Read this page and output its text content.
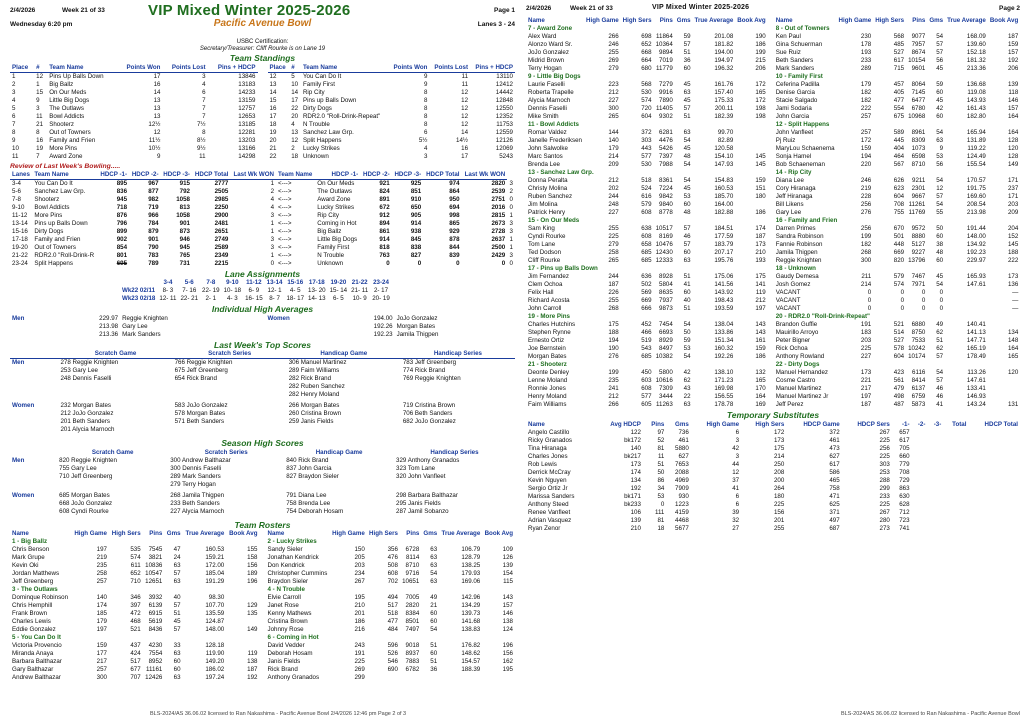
2/4/2026	Week 21 of 33	VIP Mixed Winter 2025-2026	Page 1
Wednesday 6:20 pm	Lanes 3 - 24
Pacific Avenue Bowl
USBC Certification:
Secretary/Treasurer: Cliff Rourke is on Lane 19
Team Standings
Place	#	Team Name	Points Won	Points Lost	Pins + HDCP
1	12	Pins Up Balls Down	17	3	13846
2	1	Big Ballz	16	4	13183
3	15	On Our Meds	14	6	14233
4	9	Little Big Dogs	13	7	13159
5	3	The Outlaws	13	7	12757
6	11	Bowl Addicts	13	7	12653
7	21	Shooterz	12½	7½	13185
8	8	Out of Towners	12	8	12281
9	16	Family and Frien	11½	8½	13203
10	19	More Pins	10½	9½	13166
11	7	Award Zone	9	11	14298
Place	#	Team Name	Points Won	Points Lost	Pins + HDCP
12	5	You Can Do It	9	11	13110
13	10	Family First	9	11	12412
14	14	Rip City	8	12	14442
15	17	Pins up Balls Down	8	12	12848
16	22	Dirty Dogs	8	12	12550
17	20	RDR2.0 "Roll-Drink-Repeat"	8	12	12352
18	4	N Trouble	8	12	11753
19	13	Sanchez Law Grp.	6	14	12559
20	12	Split Happens	5½	14½	12126
21	2	Lucky Strikes	4	16	12069
22	18	Unknown	3	17	5243
Review of Last Week's Bowling.....
Lanes	Team Name	HDCP -1-	HDCP -2-	HDCP -3-	HDCP Total	Last Wk WON	Team Name	HDCP -1-	HDCP -2-	HDCP -3-	HDCP Total	Last Wk WON	
3-4	You Can Do It	895	967	915	2777	1	<--->	On Our Meds	921	925	974	2820	3
5-6	Sanchez Law Grp.	836	877	792	2505	2	<--->	The Outlaws	824	851	864	2539	2
7-8	Shooterz	945	982	1058	2985	4	<--->	Award Zone	891	910	950	2751	0
9-10	Bowl Addicts	718	719	813	2250	4	<--->	Lucky Strikes	672	650	694	2016	0
11-12	More Pins	876	966	1058	2900	3	<--->	Rip City	912	905	998	2815	1
13-14	Pins up Balls Down	796	784	901	2481	1	<--->	Coming in Hot	894	914	865	2673	3
15-16	Dirty Dogs	899	879	873	2651	1	<--->	Big Ballz	861	938	929	2728	3
17-18	Family and Frien	902	901	946	2749	3	<--->	Little Big Dogs	914	845	878	2637	1
19-20	Out of Towners	854	790	945	2589	3	<--->	Family First	818	838	844	2500	1
21-22	RDR2.0 "Roll-Drink-R	801	783	765	2349	1	<--->	N Trouble	763	827	839	2429	3
23-24	Split Happens	695	789	731	2215	0	<--->	Unknown	0	0	0	0	0
Lane Assignments
	3-4	5-6	7-8	9-10	11-12	13-14	15-16	17-18	19-20	21-22	23-24
Wk22 02/11	8- 3	7- 16	22- 19	10- 18	6- 9	12- 1	4- 5	13- 20	15- 14	21- 11	2- 17
Wk23 02/18	12- 11	22- 21	2- 1	4- 3	16- 15	8- 7	18- 17	14- 13	6- 5	10- 9	20- 19
Individual High Averages
Men	229.97	Reggie Knighten
	213.98	Gary Lee
	213.36	Mark Sanders
Women	194.00	JoJo Gonzalez
	192.26	Morgan Bates
	192.23	Jamila Thigpen
Last Week's Top Scores
	Scratch Game	Scratch Series	Handicap Game	Handicap Series
Men	278 Reggie Knighten	766 Reggie Knighten	306 Manuel Martinez	783 Jeff Greenberg
	253 Gary Lee	675 Jeff Greenberg	289 Faim Williams	774 Rick Brand
	248 Dennis Faselli	654 Rick Brand	282 Rick Brand	769 Reggie Knighten
			282 Ruben Sanchez	
			282 Henry Moland	

Women	232 Morgan Bates	583 JoJo Gonzalez	266 Morgan Bates	719 Cristina Brown
	212 JoJo Gonzalez	578 Morgan Bates	260 Cristina Brown	706 Beth Sanders
	201 Beth Sanders	571 Beth Sanders	259 Janis Fields	682 JoJo Gonzalez
	201 Alycia Marnoch			

Season High Scores
	Scratch Game	Scratch Series	Handicap Game	Handicap Series
Men	820 Reggie Knighten	300 Andrew Balthazar	840 Rick Brand	329 Anthony Granados
	755 Gary Lee	300 Dennis Faselli	837 John Garcia	323 Tom Lane
	710 Jeff Greenberg	289 Mark Sanders	827 Braydon Sieler	320 John Vanfleet
		279 Terry Hogan		

Women	685 Morgan Bates	268 Jamila Thigpen	791 Diana Lee	298 Barbara Balthazar
	668 JoJo Gonzalez	233 Beth Sanders	758 Brenda Lee	295 Janis Fields
	608 Cyndi Rourke	227 Alycia Marnoch	754 Deborah Hosam	287 Jamil Sobanzo

Team Rosters
Name	High Game	High Sers	Pins	Gms	True Average	Book Avg
1 - Big Ballz						
Chris Benson	197	535	7545	47	160.53	155
Mark Grupe	219	574	3821	24	159.21	158
Kevin Oki	235	611	10836	63	172.00	156
Jordan Matthews	258	652	10547	57	185.04	189
Jeff Greenberg	257	710	12651	63	191.29	196
3 - The Outlaws						
Dominque Robinson	140	346	3932	40	98.30	
Chris Hemphill	174	397	6139	57	107.70	129
Frank Brown	185	472	6915	51	135.59	135
Charles Lewis	179	468	5619	45	124.87	
Eddie Gonzalez	197	521	8436	57	148.00	149
5 - You Can Do It						
Victoria Provencio	159	437	4230	33	128.18	
Miranda Anaya	177	424	7554	63	119.90	119
Barbara Balthazar	217	517	8952	60	149.20	138
Gary Balthazar	257	677	11161	60	186.02	187
Andrew Balthazar	300	707	12426	63	197.24	192
Name	High Game	High Sers	Pins	Gms	True Average	Book Avg
2 - Lucky Strikes						
Sandy Sieler	150	356	6728	63	106.79	109
Jonathan Kendrick	205	476	8114	63	128.79	126
Don Kendrick	203	508	8710	63	138.25	139
Christopher Cummins	234	608	9716	54	179.93	154
Braydon Sieler	267	702	10651	63	169.06	115
4 - N Trouble						
Elvie Carroll	195	494	7005	49	142.96	143
Janet Rose	210	517	2820	21	134.29	157
Kenny Mathews	201	518	8384	60	139.73	146
Cristina Brown	186	477	8501	60	141.68	138
Johnny Rose	216	484	7497	54	138.83	124
6 - Coming in Hot						
David Vedder	243	596	9018	51	176.82	196
Deborah Hosam	191	526	8937	60	148.62	156
Janis Fields	225	546	7883	51	154.57	162
Rick Brand	269	690	6782	36	188.39	195
Anthony Granados	299					
BLS-2024/AS 36.06.02 licensed to Ran Nakashima - Pacific Avenue Bowl 2/4/2026 12:46 pm Page 2 of 3
2/4/2026	Week 21 of 33	VIP Mixed Winter 2025-2026	Page 2
Name	High Game	High Sers	Pins	Gms	True Average	Book Avg
7 - Award Zone						
Alex Ward	266	698	11864	59	201.08	190
Alonzo Ward Sr.	246	652	10364	57	181.82	186
JoJo Gonzalez	255	668	9894	51	194.00	199
Midrid Brown	269	664	7019	36	194.97	215
Terry Hogan	279	680	11779	60	196.32	206
9 - Little Big Dogs						
Laurie Faselli	223	568	7279	45	161.76	172
Roberta Trapelle	212	530	9916	63	157.40	165
Alycia Marnoch	227	574	7890	45	175.33	172
Dennis Faselli	300	720	11405	57	200.11	198
Mike Smith	265	604	9302	51	182.39	198
11 - Bowl Addicts						
Romar Valdez	144	372	6281	63	99.70	
Janelle Frederiksen	140	303	4476	54	82.89	
John Salwolke	179	443	5426	45	120.58	
Marc Santos	214	577	7397	48	154.10	145
Brenda Lee	209	530	7988	54	147.93	145
13 - Sanchez Law Grp.						
Donna Peralta	212	518	8361	54	154.83	159
Christy Molina	202	524	7224	45	160.53	151
Ruben Sanchez	244	616	9842	53	185.70	180
Jim Molina	248	579	9840	60	164.00	
Patrick Henry	227	608	8778	48	182.88	186
15 - On Our Meds						
Sam King	255	638	10517	57	184.51	174
Cyndi Rourke	225	608	8169	46	177.59	187
Tom Lane	279	658	10476	57	183.79	173
Ted Dodson	258	685	12430	60	207.17	210
Cliff Rourke	265	685	12333	63	195.76	193
17 - Pins up Balls Down						
Jim Fernandez	244	636	8928	51	175.06	175
Clem Ochoa	187	502	5804	41	141.56	141
Felix Hall	226	569	8635	60	143.92	119
Richard Acosta	255	669	7937	40	198.43	212
John Carroll	268	666	9873	51	193.59	197
19 - More Pins						
Charles Hutchins	175	452	7454	54	138.04	143
Stephen Rynne	188	466	6693	50	133.86	143
Ernesto Ortiz	194	519	8929	59	151.34	161
Joe Bernstein	190	543	8497	53	160.32	159
Morgan Bates	276	685	10382	54	192.26	186
21 - Shooterz						
Deonte Denley	199	450	5800	42	138.10	132
Lenne Moland	235	603	10616	62	171.23	165
Ronnie Jones	241	608	7309	43	169.98	170
Henry Moland	212	577	3444	22	156.55	164
Faim Williams	266	605	11263	63	178.78	169
Name	High Game	High Sers	Pins	Gms	True Average	Book Avg
8 - Out of Towners						
Ken Paul	230	568	9077	54	168.09	187
Gina Schuerman	178	485	7957	57	139.60	159
Sue Ruiz	193	527	8674	57	152.18	157
Beth Sanders	233	617	10154	56	181.32	192
Mark Sanders	289	715	9601	45	213.36	206
10 - Family First						
Ceferina Padilla	179	457	8064	59	136.68	139
Denise Garcia	182	405	7145	60	119.08	118
Stacie Salgado	182	477	6477	45	143.93	146
Jami Sodaria	222	554	6780	42	161.43	157
John Garcia	257	675	10968	60	182.80	164
12 - Split Happens						
John Vanfleet	257	589	8961	54	165.94	164
Pj Ruiz	172	445	8309	63	131.89	128
MaryLou Schaenema	159	404	1073	9	119.22	120
Sonja Hamel	194	464	6598	53	124.49	128
Bob Schaeneman	220	567	8710	56	155.54	149
14 - Rip City						
Diana Lee	246	626	9211	54	170.57	171
Cory Hiranaga	219	623	2301	12	191.75	237
Jeff Hiranaga	228	604	9667	57	169.60	171
Bill Likens	256	708	11261	54	208.54	203
Gary Lee	276	755	11769	55	213.98	209
16 - Family and Frien						
Darren Primes	256	670	9572	50	191.44	204
Sandra Robinson	199	501	8880	60	148.00	152
Fannie Robinson	182	448	5127	38	134.92	145
Jamila Thigpen	268	669	9227	48	192.23	188
Reggie Knighten	300	820	13796	60	229.97	222
18 - Unknown						
Gaudy Demesa	211	579	7467	45	165.93	173
Josh Gomez	214	574	7971	54	147.61	136
VACANT	0	0	0	0		—
VACANT	0	0	0	0		—
VACANT	0	0	0	0		—
20 - RDR2.0 "Roll-Drink-Repeat"						
Brandon Guffie	191	521	6880	49	140.41	
Mauirillo Arroyo	183	514	8750	62	141.13	134
Peter Bigner	203	527	7533	51	147.71	148
Rick Ochoa	225	578	10242	62	165.19	164
Anthony Rowland	227	604	10174	57	178.49	165
22 - Dirty Dogs						
Manuel Hernandez	173	423	6116	54	113.26	120
Cosme Castro	221	561	8414	57	147.61	
Manuel Martinez	217	479	6137	46	133.41	
Manuel Martinez Jr	197	498	6759	46	146.93	
Jeff Perez	187	487	5873	41	143.24	131
Temporary Substitutes
Name	Avg HDCP	Pins	Gms	High Game	High Sers	HDCP Game	HDCP Sers	-1-	-2-	-3-	Total	HDCP Total
Angelo Castillo	122	97	736	6	172	372	267	657				
Ricky Granados	bk172	52	461	3	173	461	225	617				
Tina Hiranaga	140	81	5880	42	175	473	256	705				
Charles Jones	bk217	11	627	3	214	627	225	660				
Rob Lewis	173	51	7653	44	250	617	303	779				
Derrick McCray	174	50	2088	12	208	586	253	708				
Kevin Nguyen	134	86	4969	37	200	465	288	729				
Sergio Ortiz Jr	192	34	7909	41	264	758	299	863				
Marissa Sanders	bk171	53	930	6	180	471	233	630				
Anthony Steed	bk233	0	1223	6	225	625	225	628				
Renee Vanfleet	106	111	4159	39	156	371	267	712				
Adrian Vasquez	139	81	4468	32	201	497	280	723				
Ryan Zenor	210	18	5677	27	255	687	273	741				
BLS-2024/AS 36.06.02 licensed to Ran Nakashima - Pacific Avenue Bowl
